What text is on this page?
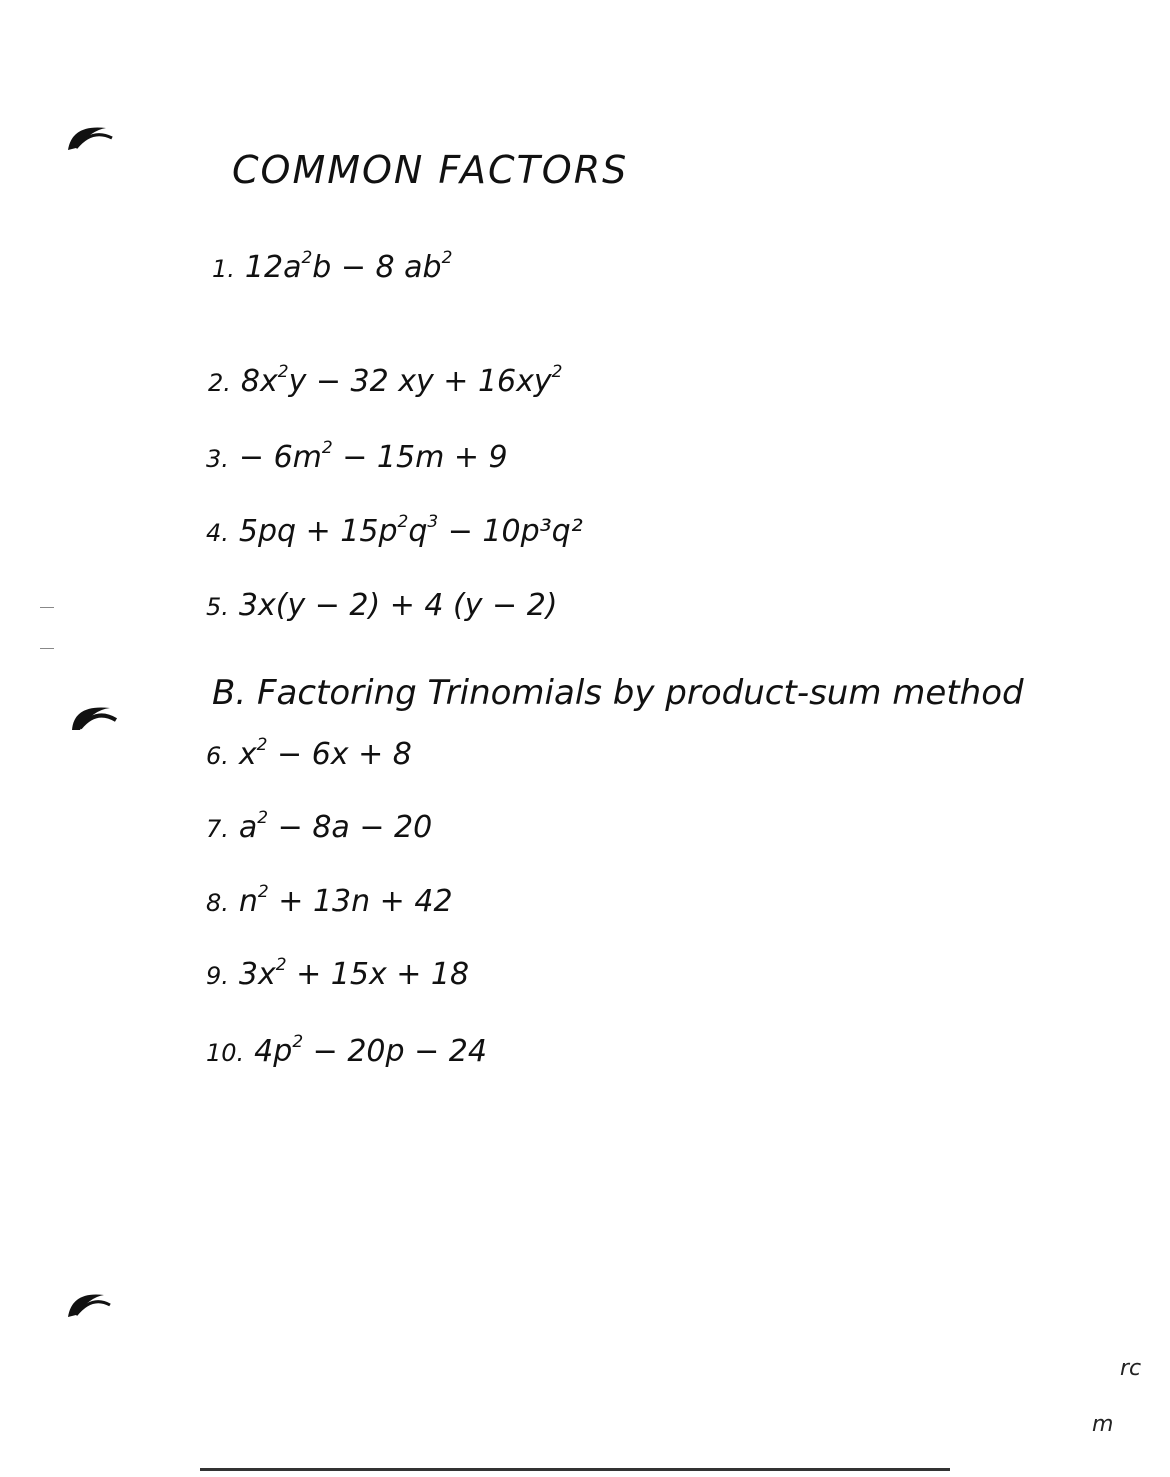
COMMON FACTORS
1. $12a^2b - 8$ $ab^2$
2. $8x^2y - 32$ xy + $16xy^2$
3. − $6m^2 - 15m + 9$
4. $5pq + 15p^2q^3 - 10p^3q^2$
5. 3x(y − 2) + 4 (y − 2)
B. Factoring Trinomials by product-sum method
6. $x^2 - 6x + 8$
7. $a^2 - 8a - 20$
8. $n^2 + 13n + 42$
9. $3x^2 + 15x + 18$
10. $4p^2 - 20p - 24$
rc
m
